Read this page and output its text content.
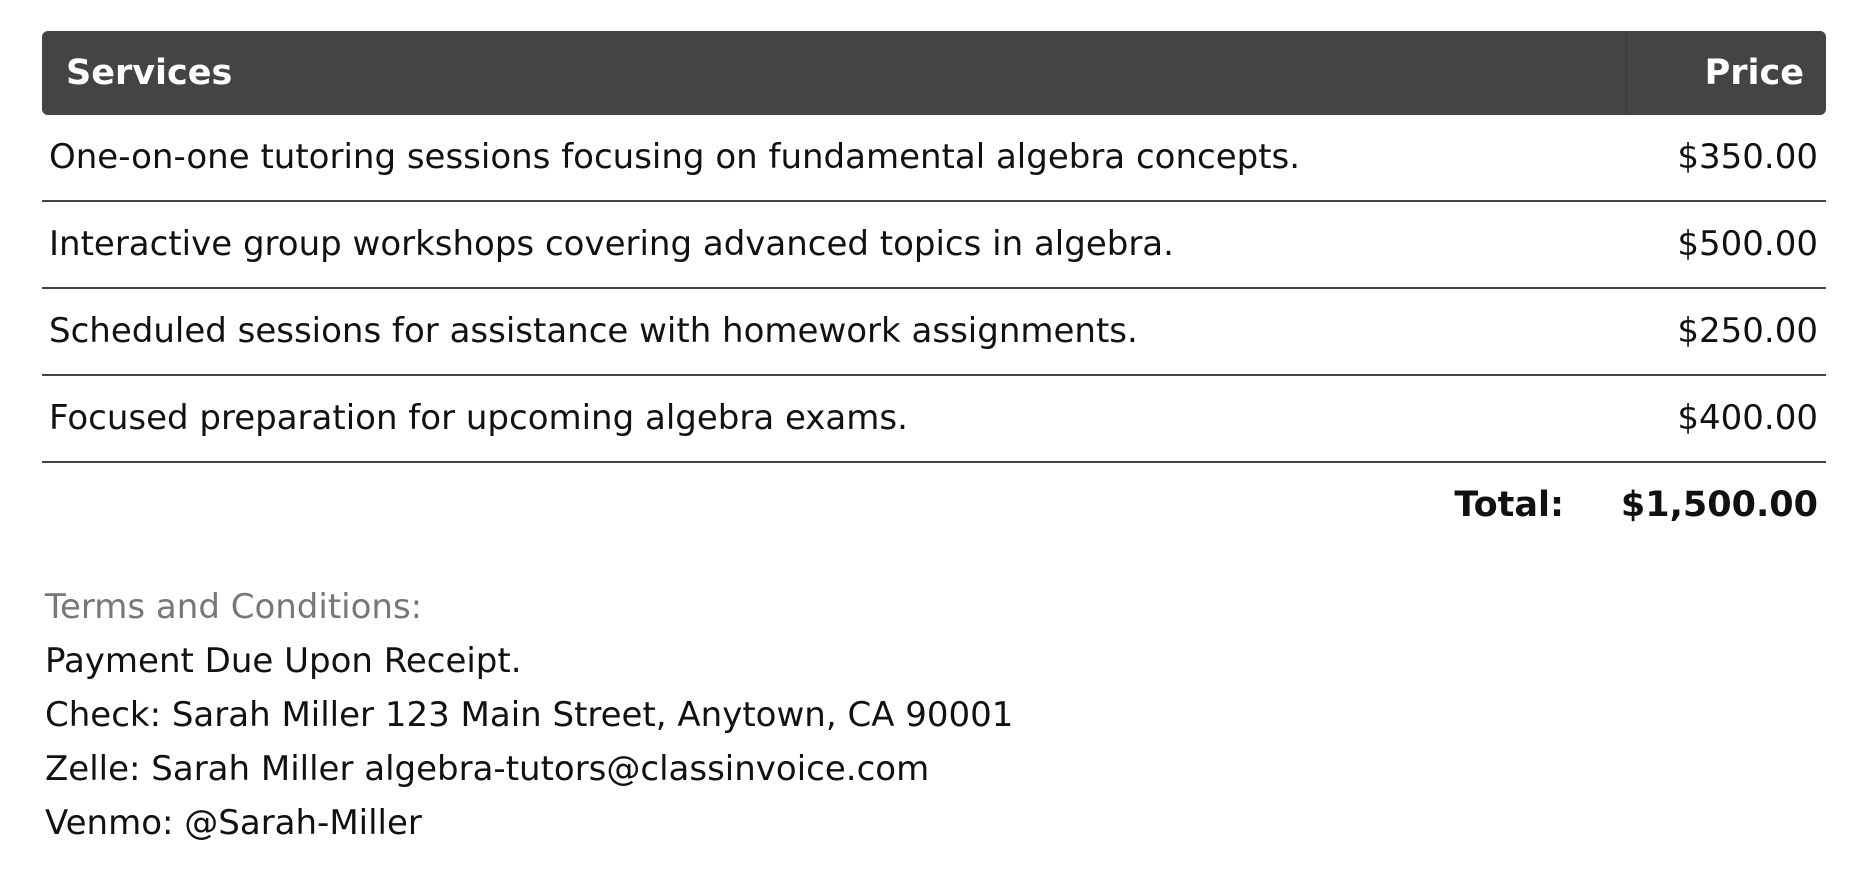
Services	Price
One-on-one tutoring sessions focusing on fundamental algebra concepts.	$350.00
Interactive group workshops covering advanced topics in algebra.	$500.00
Scheduled sessions for assistance with homework assignments.	$250.00
Focused preparation for upcoming algebra exams.	$400.00
Total: $1,500.00
Terms and Conditions:
Payment Due Upon Receipt.
Check: Sarah Miller 123 Main Street, Anytown, CA 90001
Zelle: Sarah Miller algebra-tutors@classinvoice.com
Venmo: @Sarah-Miller
